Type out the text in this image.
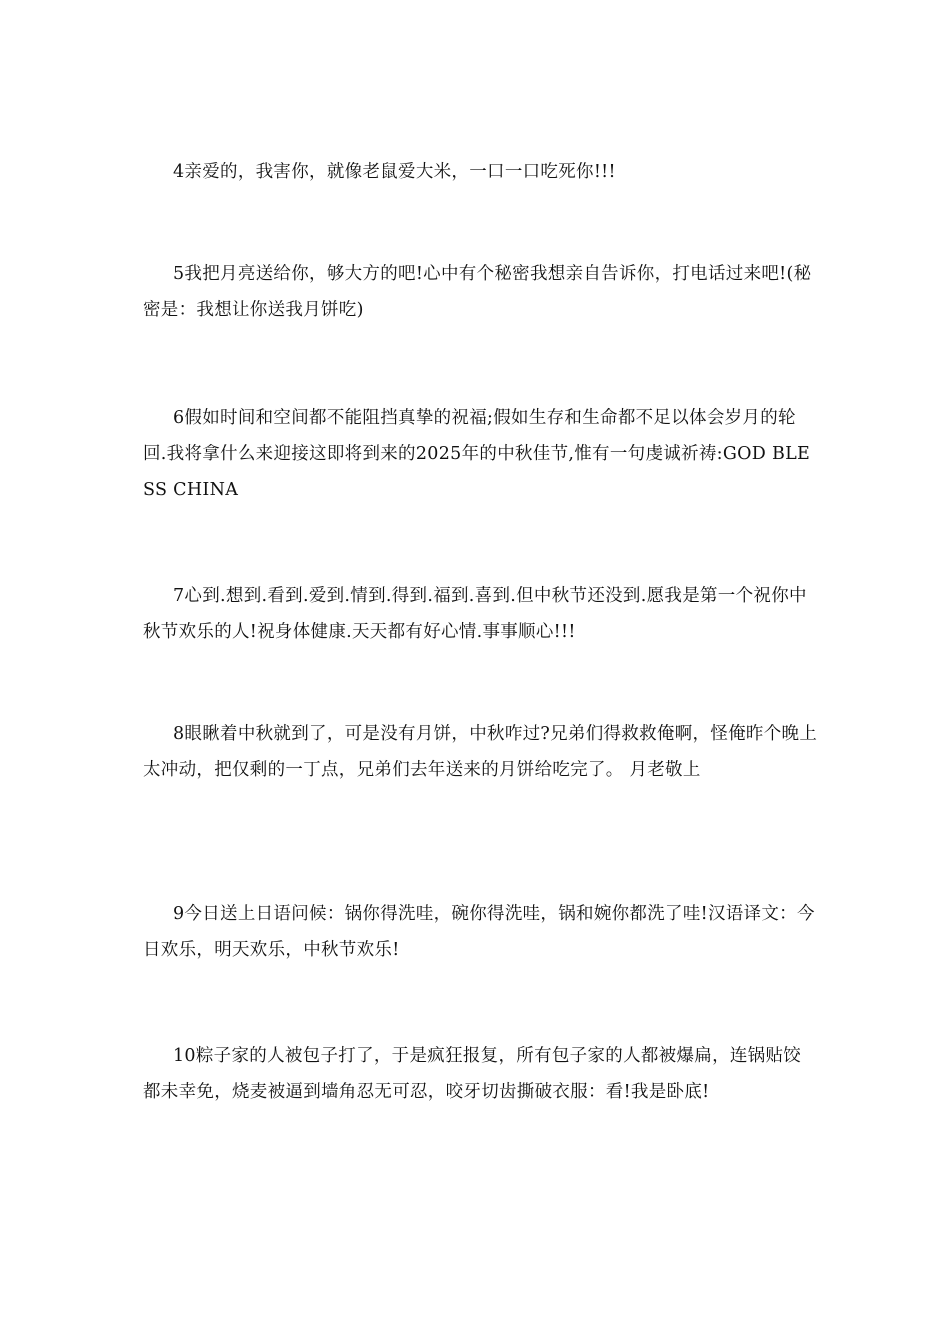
4亲爱的，我害你，就像老鼠爱大米，一口一口吃死你!!!

5我把月亮送给你，够大方的吧!心中有个秘密我想亲自告诉你，打电话过来吧!(秘密是：我想让你送我月饼吃)

6假如时间和空间都不能阻挡真挚的祝福;假如生存和生命都不足以体会岁月的轮回.我将拿什么来迎接这即将到来的2025年的中秋佳节,惟有一句虔诚祈祷:GOD BLESS CHINA

7心到.想到.看到.爱到.情到.得到.福到.喜到.但中秋节还没到.愿我是第一个祝你中秋节欢乐的人!祝身体健康.天天都有好心情.事事顺心!!!

8眼瞅着中秋就到了，可是没有月饼，中秋咋过?兄弟们得救救俺啊，怪俺昨个晚上太冲动，把仅剩的一丁点，兄弟们去年送来的月饼给吃完了。 月老敬上

9今日送上日语问候：锅你得洗哇，碗你得洗哇，锅和婉你都洗了哇!汉语译文：今日欢乐，明天欢乐，中秋节欢乐!

10粽子家的人被包子打了，于是疯狂报复，所有包子家的人都被爆扁，连锅贴饺都未幸免，烧麦被逼到墙角忍无可忍，咬牙切齿撕破衣服：看!我是卧底!
